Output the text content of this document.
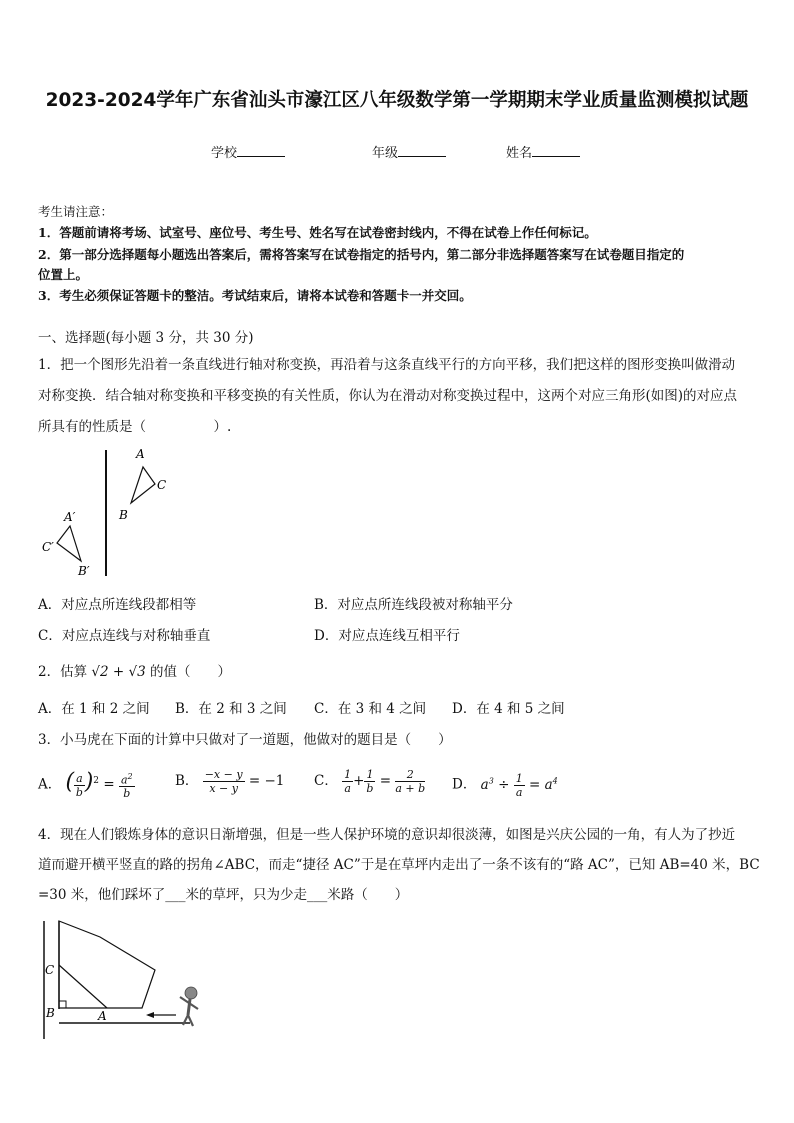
2023-2024学年广东省汕头市濠江区八年级数学第一学期期末学业质量监测模拟试题
学校	年级	姓名
考生请注意：
1．答题前请将考场、试室号、座位号、考生号、姓名写在试卷密封线内，不得在试卷上作任何标记。
2．第一部分选择题每小题选出答案后，需将答案写在试卷指定的括号内，第二部分非选择题答案写在试卷题目指定的
位置上。
3．考生必须保证答题卡的整洁。考试结束后，请将本试卷和答题卡一并交回。
一、选择题(每小题 3 分，共 30 分)
1．把一个图形先沿着一条直线进行轴对称变换，再沿着与这条直线平行的方向平移，我们把这样的图形变换叫做滑动
对称变换．结合轴对称变换和平移变换的有关性质，你认为在滑动对称变换过程中，这两个对应三角形(如图)的对应点
所具有的性质是（　　　　　）.
A
C
B
A′
C′
B′
A．对应点所连线段都相等	B．对应点所连线段被对称轴平分
C．对应点连线与对称轴垂直	D．对应点连线互相平行
2．估算 √2 + √3 的值（　　）
A．在 1 和 2 之间 B．在 2 和 3 之间 C．在 3 和 4 之间 D．在 4 和 5 之间
3．小马虎在下面的计算中只做对了一道题，他做对的题目是（　　）
A． ( $\frac{a}{b} )^2 = \frac{a^2}{b}$	B． $\frac{-x - y}{x - y} = -1$ C． $\frac{1}{a} + \frac{1}{b} = \frac{2}{a + b}$ D． $a^3 \div \frac{1}{a} = a^4$
4．现在人们锻炼身体的意识日渐增强，但是一些人保护环境的意识却很淡薄，如图是兴庆公园的一角，有人为了抄近
道而避开横平竖直的路的拐角∠ABC，而走“捷径 AC”于是在草坪内走出了一条不该有的“路 AC”，已知 AB=40 米，BC
=30 米，他们踩坏了___米的草坪，只为少走___米路（　　）
C
B	A
